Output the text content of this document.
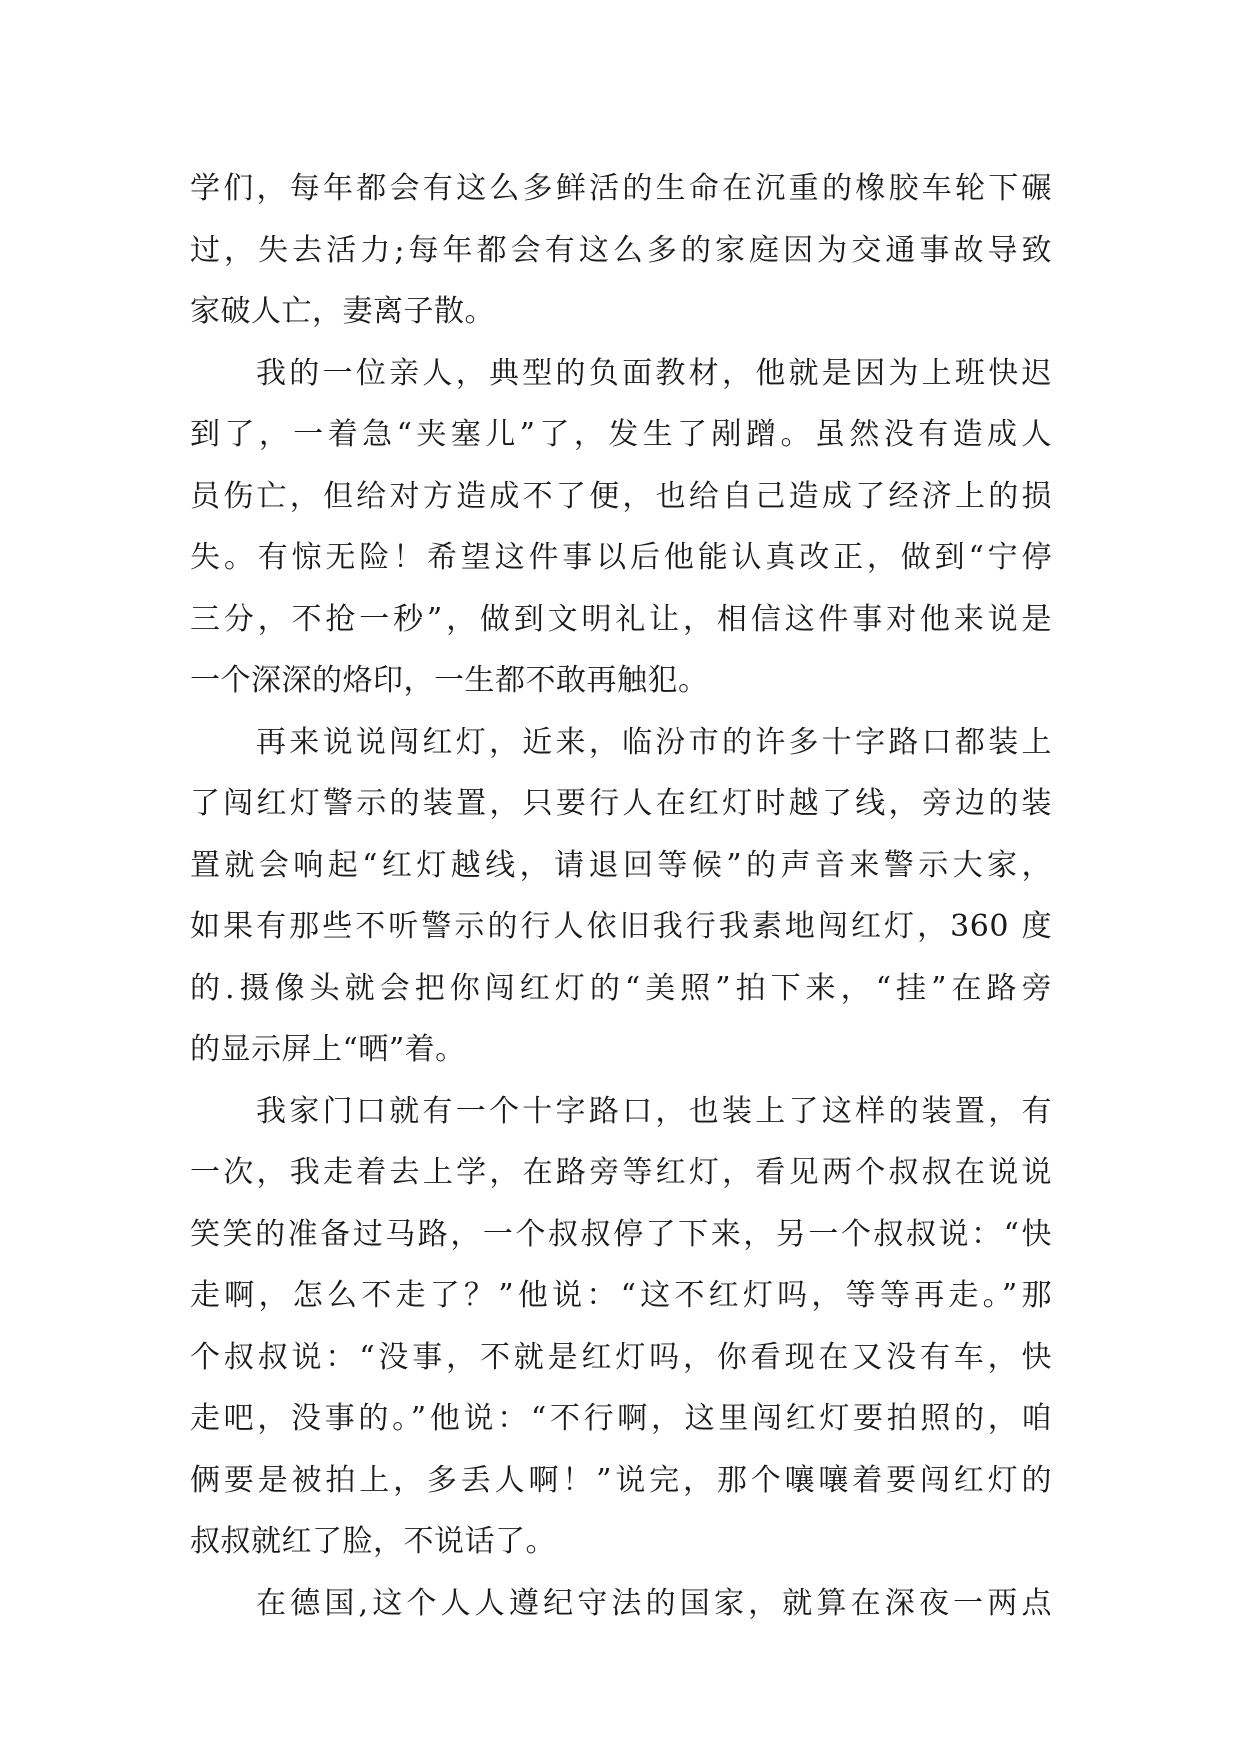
学们，每年都会有这么多鲜活的生命在沉重的橡胶车轮下碾
过，失去活力;每年都会有这么多的家庭因为交通事故导致
家破人亡，妻离子散。
我的一位亲人，典型的负面教材，他就是因为上班快迟
到了，一着急“夹塞儿”了，发生了剐蹭。虽然没有造成人
员伤亡，但给对方造成不了便，也给自己造成了经济上的损
失。有惊无险！希望这件事以后他能认真改正，做到“宁停
三分，不抢一秒”，做到文明礼让，相信这件事对他来说是
一个深深的烙印，一生都不敢再触犯。
再来说说闯红灯，近来，临汾市的许多十字路口都装上
了闯红灯警示的装置，只要行人在红灯时越了线，旁边的装
置就会响起“红灯越线，请退回等候”的声音来警示大家，
如果有那些不听警示的行人依旧我行我素地闯红灯，360 度
的.摄像头就会把你闯红灯的“美照”拍下来，“挂”在路旁
的显示屏上“晒”着。
我家门口就有一个十字路口，也装上了这样的装置，有
一次，我走着去上学，在路旁等红灯，看见两个叔叔在说说
笑笑的准备过马路，一个叔叔停了下来，另一个叔叔说：“快
走啊，怎么不走了？”他说：“这不红灯吗，等等再走。”那
个叔叔说：“没事，不就是红灯吗，你看现在又没有车，快
走吧，没事的。”他说：“不行啊，这里闯红灯要拍照的，咱
俩要是被拍上，多丢人啊！”说完，那个嚷嚷着要闯红灯的
叔叔就红了脸，不说话了。
在德国,这个人人遵纪守法的国家，就算在深夜一两点
